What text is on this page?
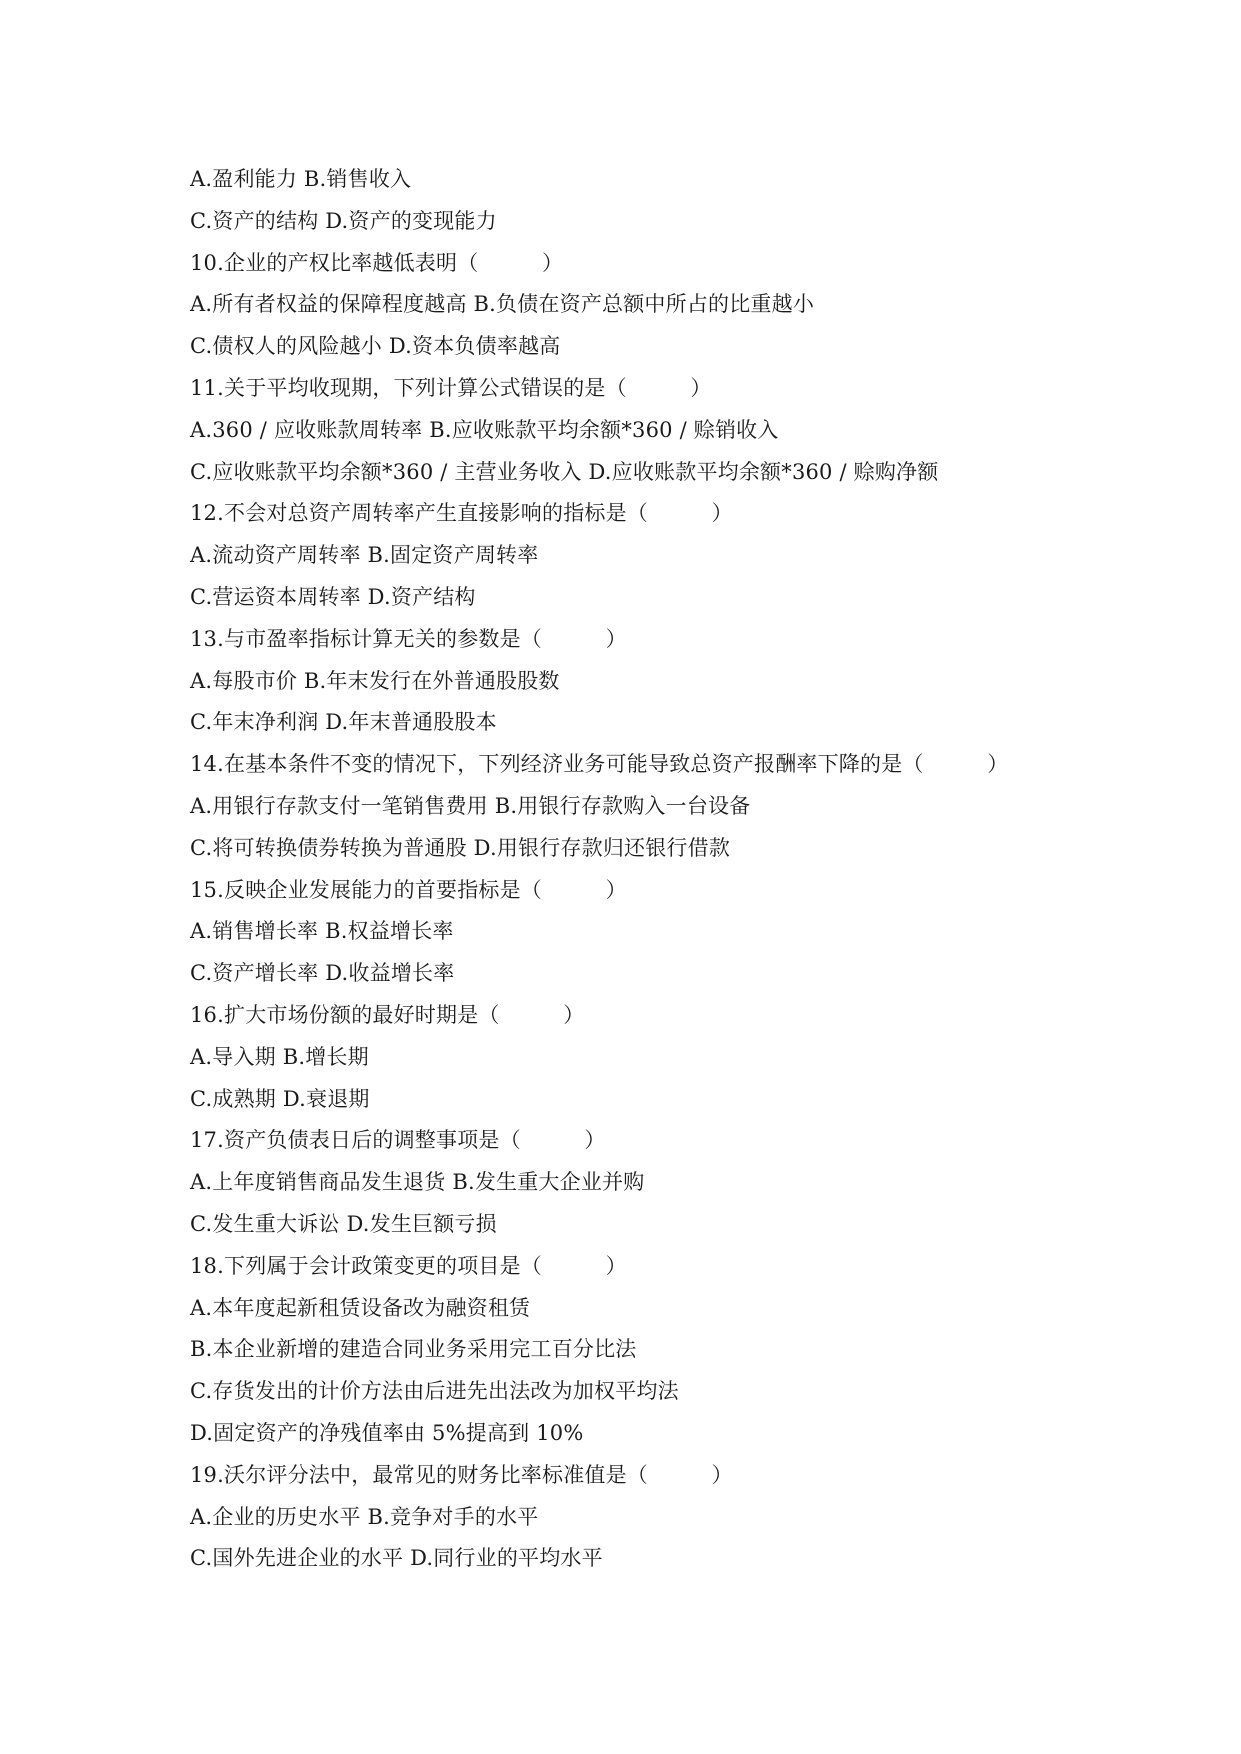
A.盈利能力 B.销售收入
C.资产的结构 D.资产的变现能力
10.企业的产权比率越低表明（　　　）
A.所有者权益的保障程度越高 B.负债在资产总额中所占的比重越小
C.债权人的风险越小 D.资本负债率越高
11.关于平均收现期，下列计算公式错误的是（　　　）
A.360 / 应收账款周转率 B.应收账款平均余额*360 / 赊销收入
C.应收账款平均余额*360 / 主营业务收入 D.应收账款平均余额*360 / 赊购净额
12.不会对总资产周转率产生直接影响的指标是（　　　）
A.流动资产周转率 B.固定资产周转率
C.营运资本周转率 D.资产结构
13.与市盈率指标计算无关的参数是（　　　）
A.每股市价 B.年末发行在外普通股股数
C.年末净利润 D.年末普通股股本
14.在基本条件不变的情况下，下列经济业务可能导致总资产报酬率下降的是（　　　）
A.用银行存款支付一笔销售费用 B.用银行存款购入一台设备
C.将可转换债券转换为普通股 D.用银行存款归还银行借款
15.反映企业发展能力的首要指标是（　　　）
A.销售增长率 B.权益增长率
C.资产增长率 D.收益增长率
16.扩大市场份额的最好时期是（　　　）
A.导入期 B.增长期
C.成熟期 D.衰退期
17.资产负债表日后的调整事项是（　　　）
A.上年度销售商品发生退货 B.发生重大企业并购
C.发生重大诉讼 D.发生巨额亏损
18.下列属于会计政策变更的项目是（　　　）
A.本年度起新租赁设备改为融资租赁
B.本企业新增的建造合同业务采用完工百分比法
C.存货发出的计价方法由后进先出法改为加权平均法
D.固定资产的净残值率由 5%提高到 10%
19.沃尔评分法中，最常见的财务比率标准值是（　　　）
A.企业的历史水平 B.竞争对手的水平
C.国外先进企业的水平 D.同行业的平均水平
